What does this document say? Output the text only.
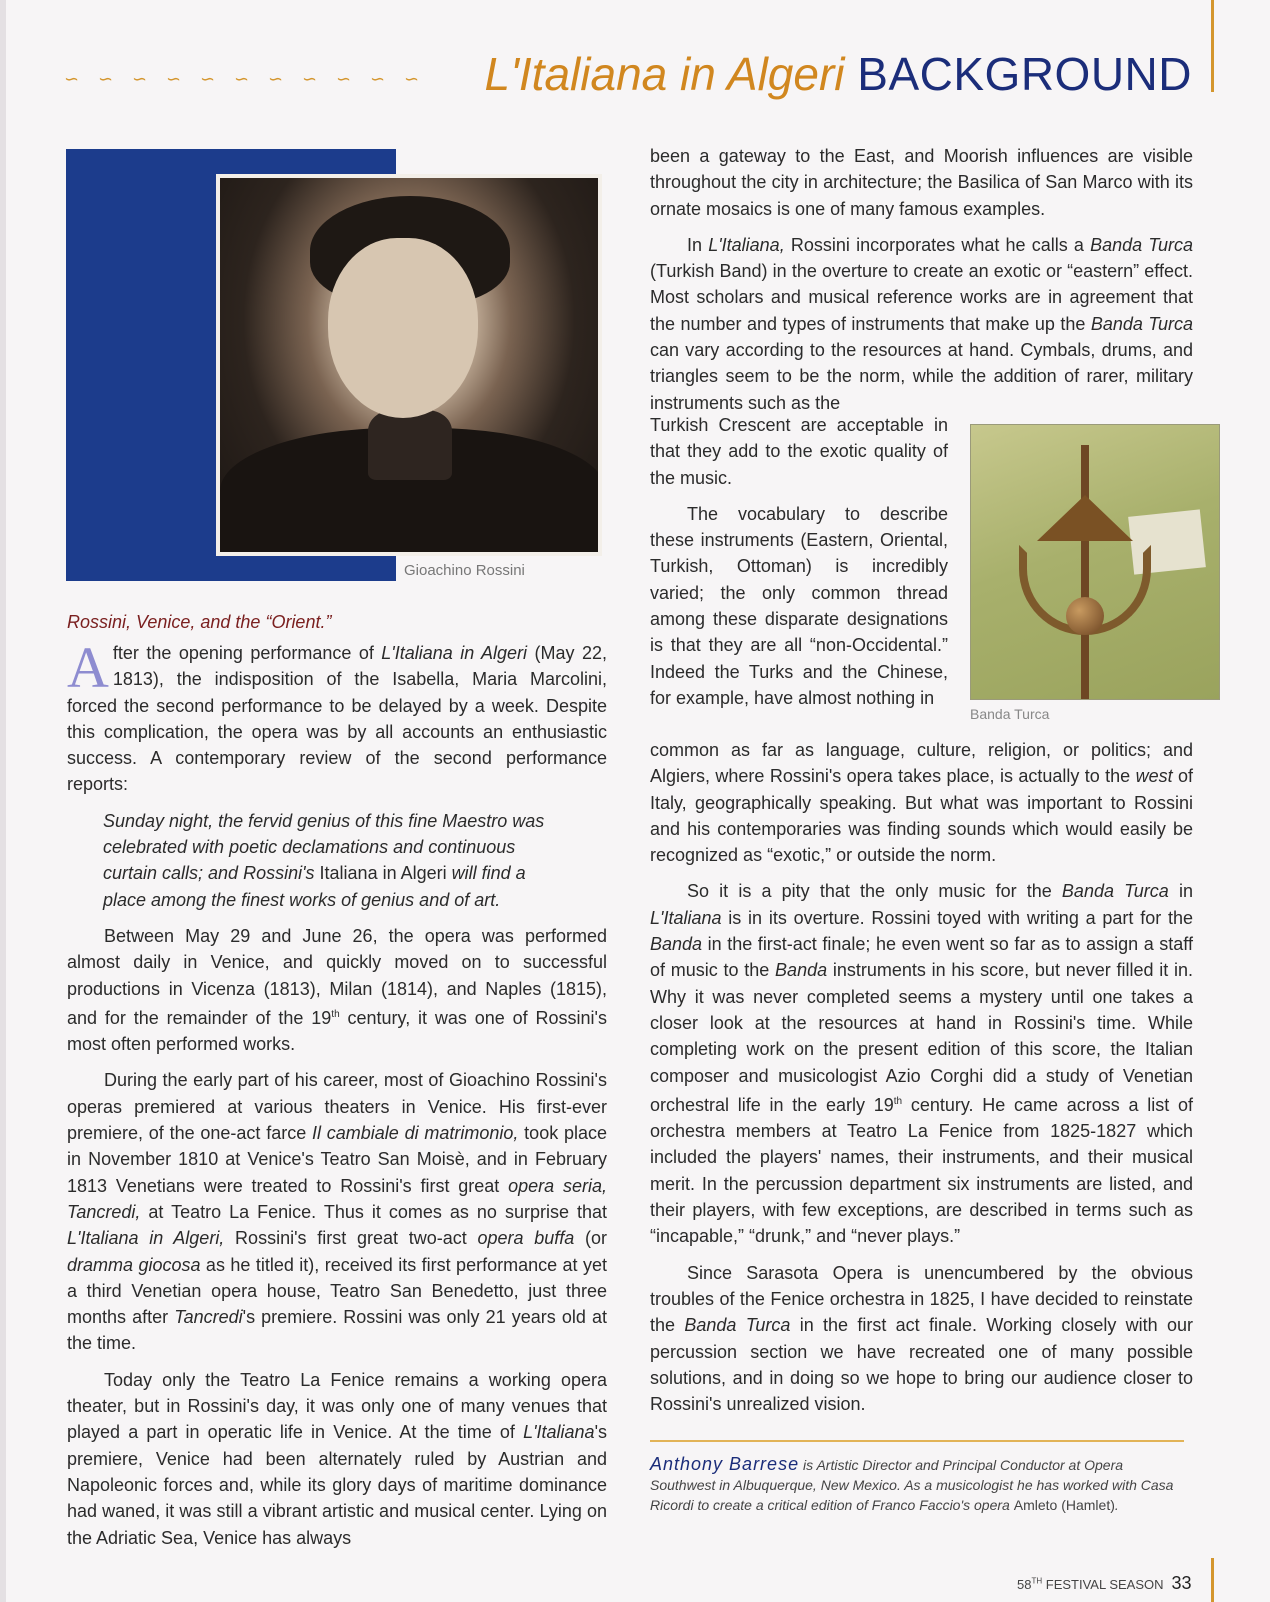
∽	∽	∽	∽	∽	∽	∽	∽	∽	∽	∽ L'Italiana in Algeri BACKGROUND
Gioachino Rossini
Rossini, Venice, and the “Orient.”

After the opening performance of L'Italiana in Algeri (May 22, 1813), the indisposition of the Isabella, Maria Marcolini, forced the second performance to be delayed by a week. Despite this complication, the opera was by all accounts an enthusiastic success. A contemporary review of the second performance reports:

Sunday night, the fervid genius of this fine Maestro was celebrated with poetic declamations and continuous curtain calls; and Rossini's Italiana in Algeri will find a place among the finest works of genius and of art.

Between May 29 and June 26, the opera was performed almost daily in Venice, and quickly moved on to successful productions in Vicenza (1813), Milan (1814), and Naples (1815), and for the remainder of the 19th century, it was one of Rossini's most often performed works.

During the early part of his career, most of Gioachino Rossini's operas premiered at various theaters in Venice. His first-ever premiere, of the one-act farce Il cambiale di matrimonio, took place in November 1810 at Venice's Teatro San Moisè, and in February 1813 Venetians were treated to Rossini's first great opera seria, Tancredi, at Teatro La Fenice. Thus it comes as no surprise that L'Italiana in Algeri, Rossini's first great two-act opera buffa (or dramma giocosa as he titled it), received its first performance at yet a third Venetian opera house, Teatro San Benedetto, just three months after Tancredi's premiere. Rossini was only 21 years old at the time.

Today only the Teatro La Fenice remains a working opera theater, but in Rossini's day, it was only one of many venues that played a part in operatic life in Venice. At the time of L'Italiana's premiere, Venice had been alternately ruled by Austrian and Napoleonic forces and, while its glory days of maritime dominance had waned, it was still a vibrant artistic and musical center. Lying on the Adriatic Sea, Venice has always

been a gateway to the East, and Moorish influences are visible throughout the city in architecture; the Basilica of San Marco with its ornate mosaics is one of many famous examples.

In L'Italiana, Rossini incorporates what he calls a Banda Turca (Turkish Band) in the overture to create an exotic or “eastern” effect. Most scholars and musical reference works are in agreement that the number and types of instruments that make up the Banda Turca can vary according to the resources at hand. Cymbals, drums, and triangles seem to be the norm, while the addition of rarer, military instruments such as the

Turkish Crescent are acceptable in that they add to the exotic quality of the music.

The vocabulary to describe these instruments (Eastern, Oriental, Turkish, Ottoman) is incredibly varied; the only common thread among these disparate designations is that they are all “non-Occidental.” Indeed the Turks and the Chinese, for example, have almost nothing in

Banda Turca

common as far as language, culture, religion, or politics; and Algiers, where Rossini's opera takes place, is actually to the west of Italy, geographically speaking. But what was important to Rossini and his contemporaries was finding sounds which would easily be recognized as “exotic,” or outside the norm.

So it is a pity that the only music for the Banda Turca in L'Italiana is in its overture. Rossini toyed with writing a part for the Banda in the first-act finale; he even went so far as to assign a staff of music to the Banda instruments in his score, but never filled it in. Why it was never completed seems a mystery until one takes a closer look at the resources at hand in Rossini's time. While completing work on the present edition of this score, the Italian composer and musicologist Azio Corghi did a study of Venetian orchestral life in the early 19th century. He came across a list of orchestra members at Teatro La Fenice from 1825-1827 which included the players' names, their instruments, and their musical merit. In the percussion department six instruments are listed, and their players, with few exceptions, are described in terms such as “incapable,” “drunk,” and “never plays.”

Since Sarasota Opera is unencumbered by the obvious troubles of the Fenice orchestra in 1825, I have decided to reinstate the Banda Turca in the first act finale. Working closely with our percussion section we have recreated one of many possible solutions, and in doing so we hope to bring our audience closer to Rossini's unrealized vision.

Anthony Barrese is Artistic Director and Principal Conductor at Opera Southwest in Albuquerque, New Mexico. As a musicologist he has worked with Casa Ricordi to create a critical edition of Franco Faccio's opera Amleto (Hamlet).
58TH FESTIVAL SEASON 33
